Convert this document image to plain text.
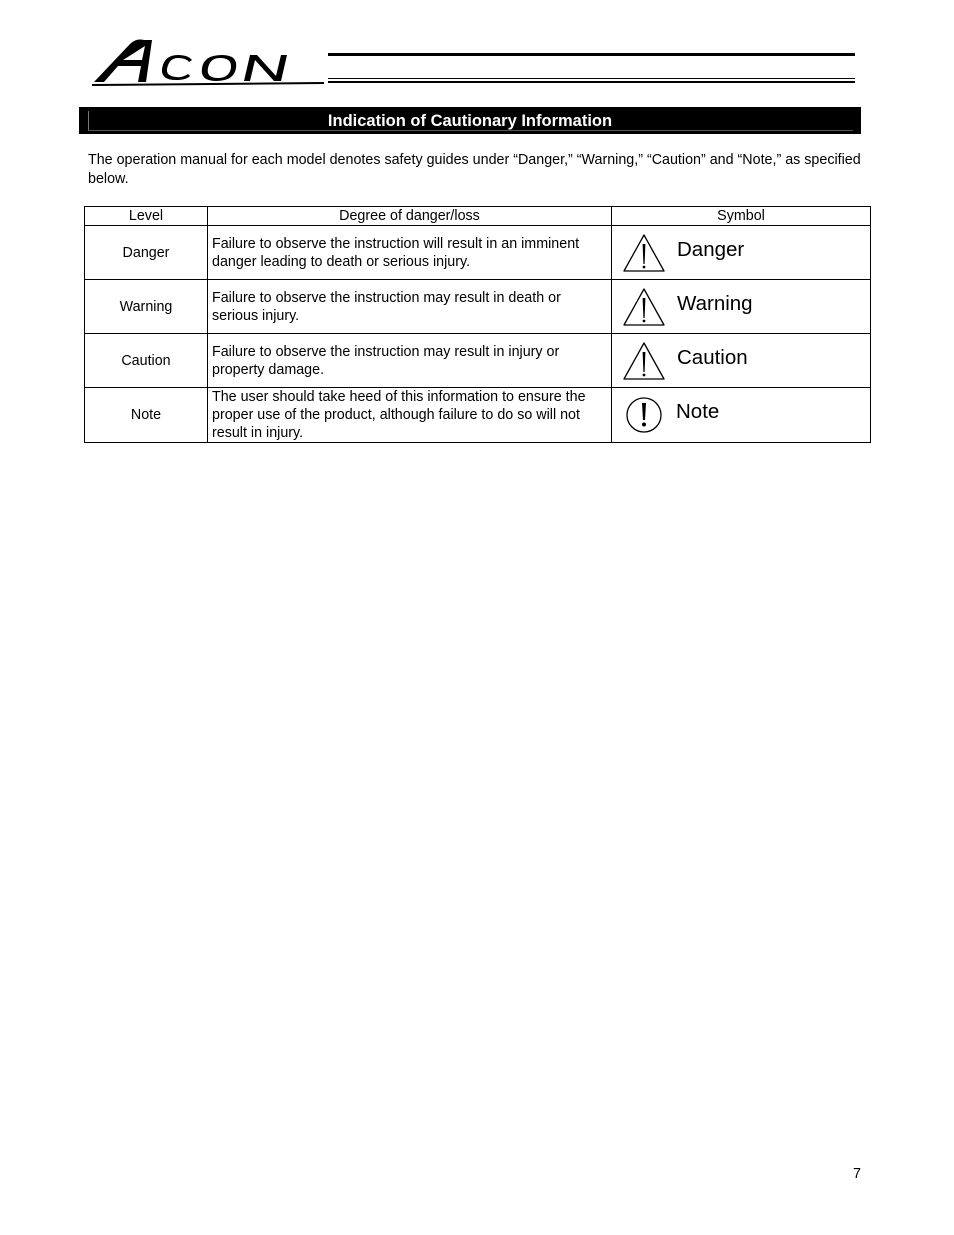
Indication of Cautionary Information
The operation manual for each model denotes safety guides under “Danger,” “Warning,” “Caution” and “Note,” as specified below.
Level	Degree of danger/loss	Symbol
Danger	Failure to observe the instruction will result in an imminent danger leading to death or serious injury.	Danger

Warning	Failure to observe the instruction may result in death or serious injury.	Warning

Caution	Failure to observe the instruction may result in injury or property damage.	Caution

Note	The user should take heed of this information to ensure the proper use of the product, although failure to do so will not result in injury.	Note
7
